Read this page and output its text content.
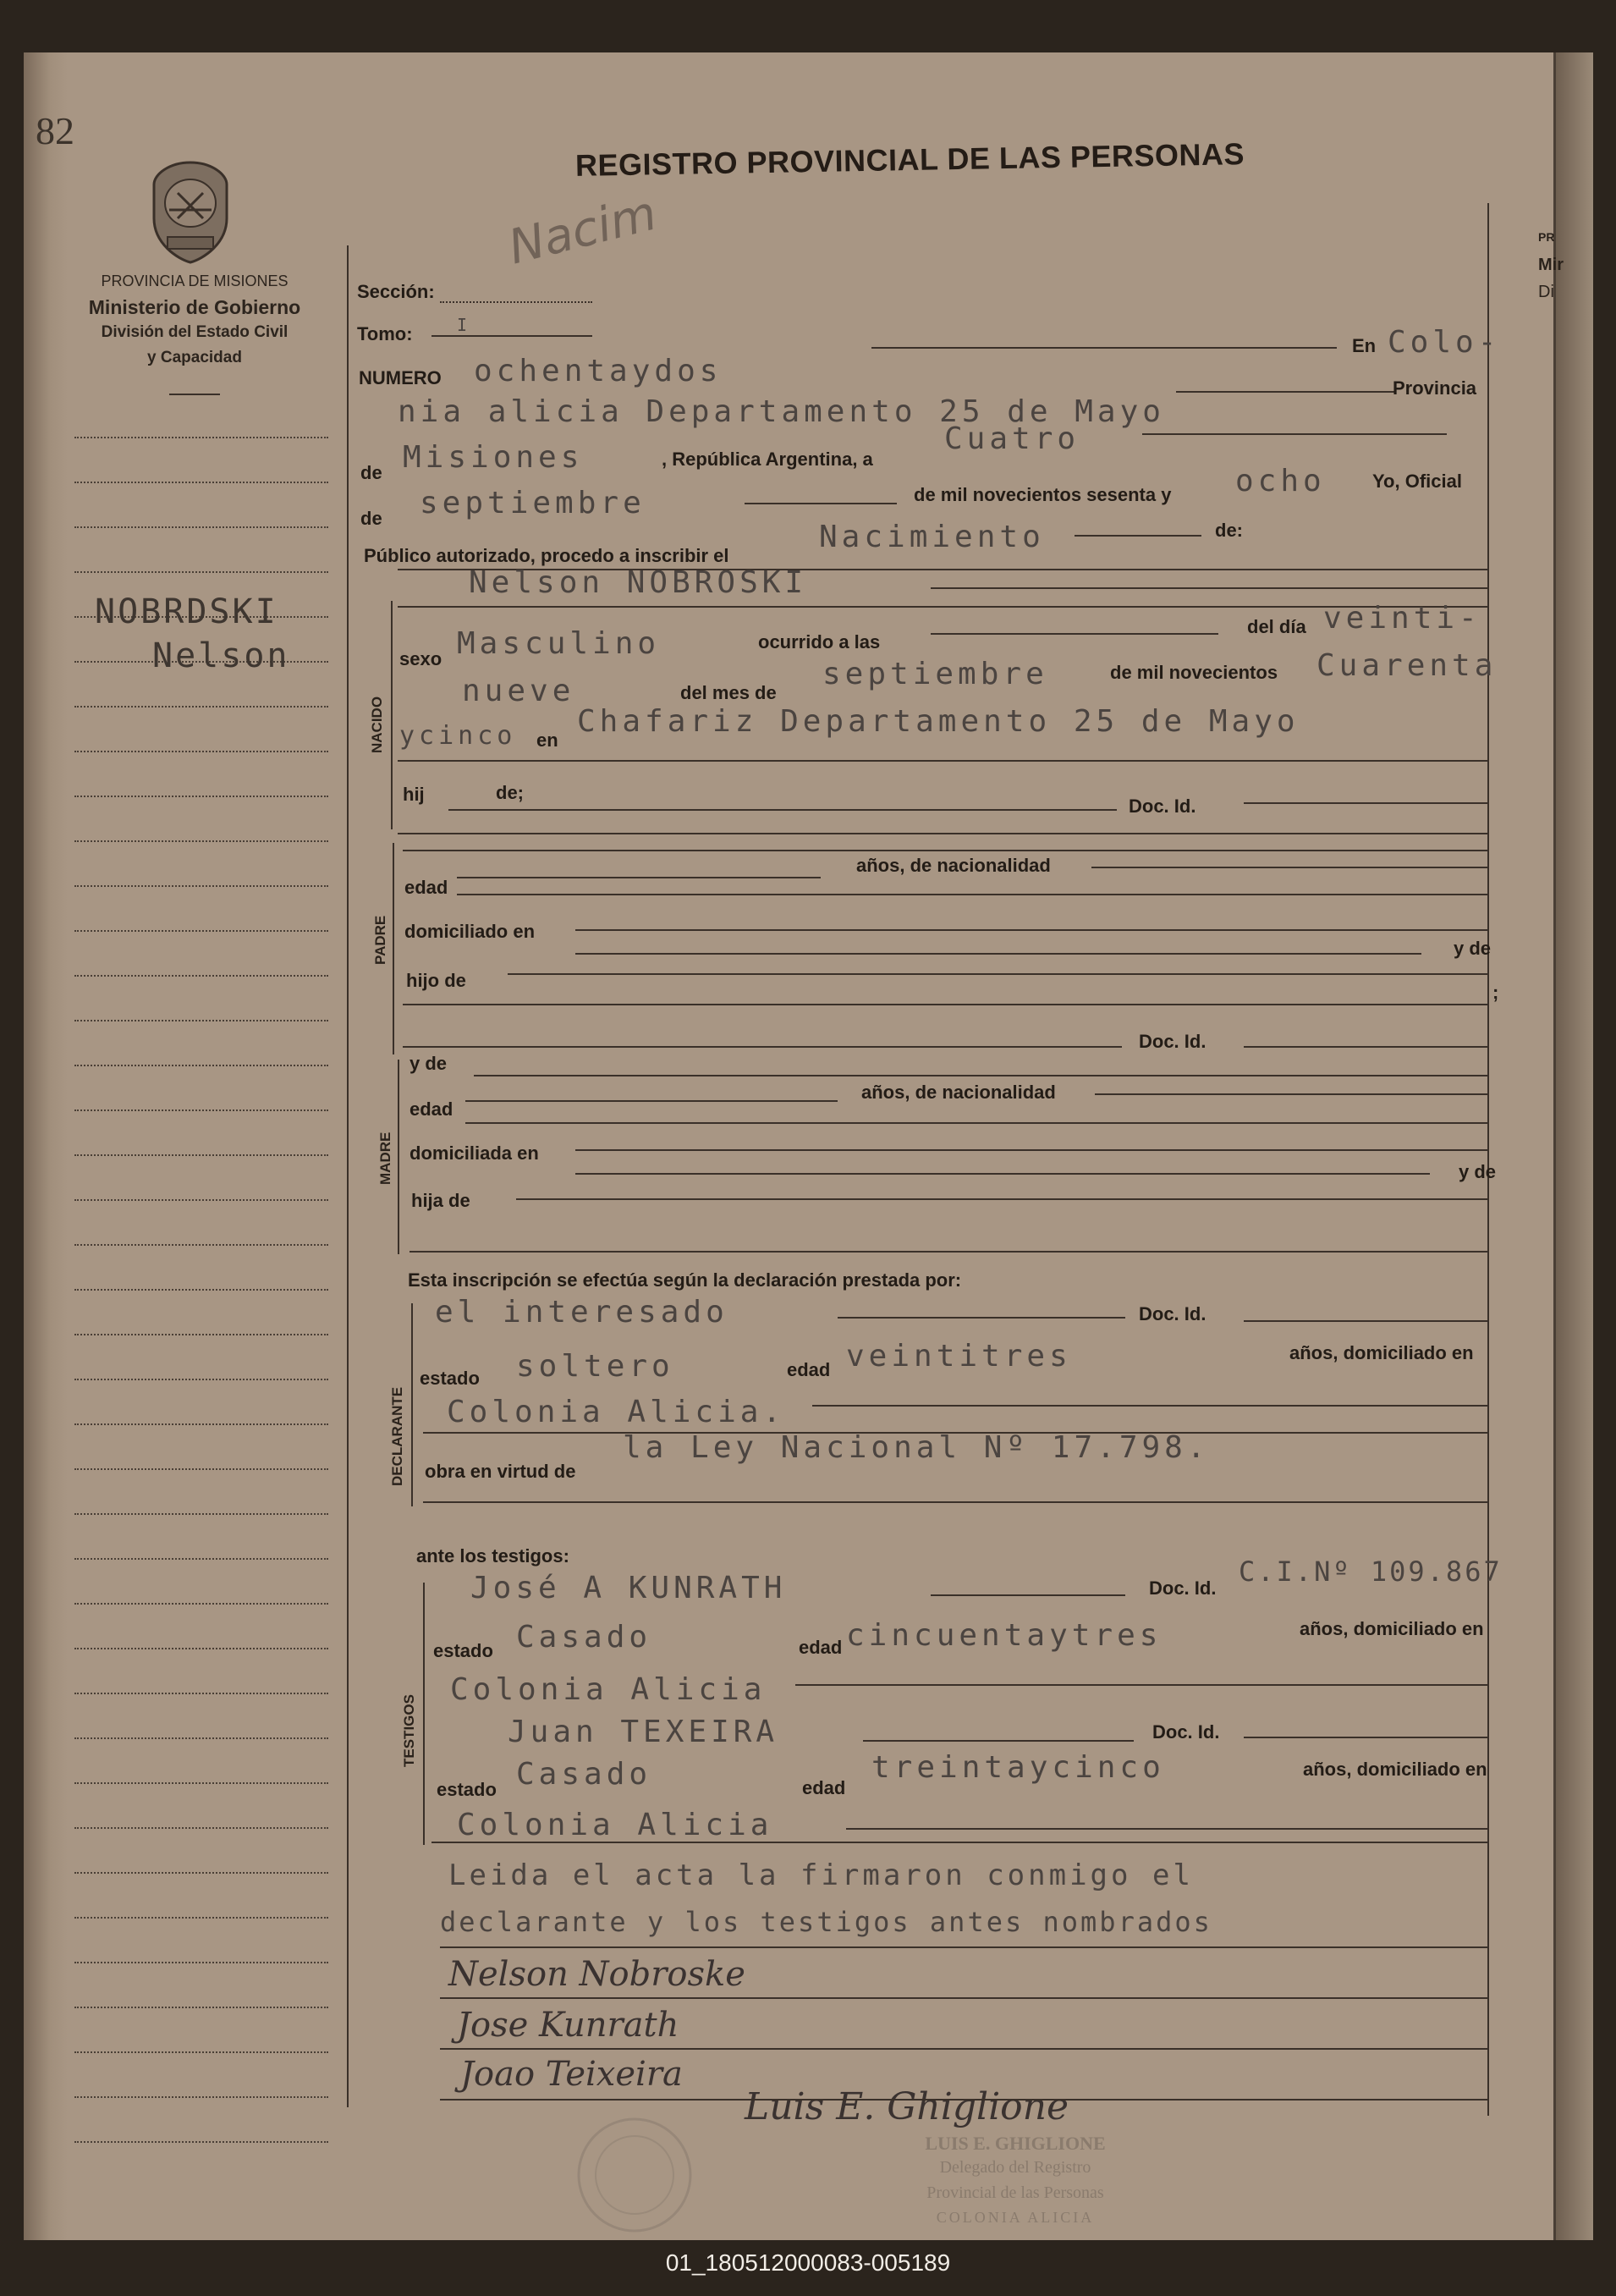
PR
Mir
Di
82
PROVINCIA DE MISIONES
Ministerio de Gobierno
División del Estado Civil
y Capacidad
REGISTRO PROVINCIAL DE LAS PERSONAS
Nacim
NOBRDSKI
Nelson
Sección:
Tomo:	I
NUMERO ochentaydos
En Colo-
nia alicia Departamento 25 de Mayo
Provincia
de Misiones	, República Argentina, a
Cuatro
de septiembre	de mil novecientos sesenta y ocho	Yo, Oficial
Público autorizado, procedo a inscribir el
Nacimiento	de:
NACIDO
Nelson NOBROSKI
sexo Masculino	ocurrido a las
del día veinti-
nueve	del mes de
septiembre	de mil novecientos Cuarenta
ycinco en
Chafariz Departamento 25 de Mayo
hij	de;
Doc. Id.
PADRE
edad
años, de nacionalidad
domiciliado en
y de
hijo de
;
Doc. Id.
MADRE
y de
edad
años, de nacionalidad
domiciliada en
y de
hija de
Esta inscripción se efectúa según la declaración prestada por:
DECLARANTE
el interesado	Doc. Id.
estado soltero	edad veintitres	años, domiciliado en
Colonia Alicia.
obra en virtud de
la Ley Nacional Nº 17.798.
ante los testigos:
TESTIGOS
José A KUNRATH	Doc. Id.
C.I.Nº 109.867
estado Casado	edad cincuentaytres	años, domiciliado en
Colonia Alicia
Juan TEXEIRA	Doc. Id.
estado Casado	edad
treintaycinco	años, domiciliado en
Colonia Alicia
Leida el acta la firmaron conmigo el
declarante y los testigos antes nombrados
Nelson Nobroske
Jose Kunrath
Joao Teixeira
Luis E. Ghiglione
LUIS E. GHIGLIONE
Delegado del Registro
Provincial de las Personas
COLONIA ALICIA
01_180512000083-005189
